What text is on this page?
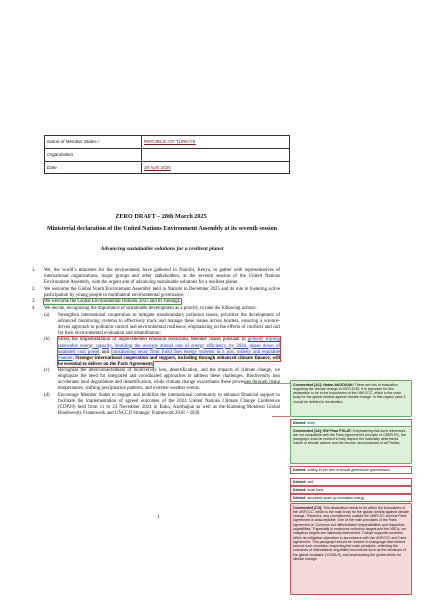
Name of Member States /	REPUBLIC OF TÜRKİYE
Organization	
Date	29 April 2025
ZERO DRAFT – 28th March 2025
Ministerial declaration of the United Nations Environment Assembly at its seventh session
Advancing sustainable solutions for a resilient planet
1. We, the world’s ministers for the environment, have gathered in Nairobi, Kenya, to gather with representatives of international organizations, major groups and other stakeholders, at the seventh session of the United Nations Environment Assembly, with the urgent aim of advancing sustainable solutions for a resilient planet.
2. We welcome the Global Youth Environment Assembly held in Nairobi in December 2025 and its role in fostering active participation by young people in multilateral environmental governance.
3. We welcome the Global Environmental Outlook 2025 and its findings.
4. We decide, recognizing the importance of sustainable development as a priority, to take the following actions:
(a) Strengthen international cooperation to mitigate transboundary pollution issues, prioritize the development of advanced monitoring systems to effectively track and manage these issues across borders, ensuring a science-driven approach to pollution control and environmental resilience, emphasizing on the effects of conflicts and call for their environmental evaluation and rehabilitation;
(b) Stress the implementation of unprecedented emission reductions Member States pursuant to globally tripling renewable energy capacity, doubling the average annual rate of energy efficiency, by 2030, phase down of unabated coal power and transitioning away from fossil fuel energy systems in a just, orderly and equitable manner. Stronger international cooperation and support, including through enhanced climate finance, will be essential to deliver on the Paris Agreement;
(c) Recognize the interconnectedness of biodiversity loss, desertification, and the impacts of climate change, we emphasize the need for integrated and coordinated approaches to address these challenges. Biodiversity loss accelerates land degradation and desertification, while climate change exacerbates these processes through rising temperatures, shifting precipitation patterns, and extreme weather events.
(d) Encourage Member States to engage and mobilize the international community to enhance financial support to facilitate the implementation of agreed outcomes of the 2024 United Nations Climate Change Conference (COP29) held from 11 to 24 November 2024 in Baku, Azerbaijan as well as the Kunming-Montreal Global Biodiversity Framework and UNCCD Strategic Framework 2018 – 2030.
1
Commented [A1]: Hakan AKDOGAN: These are lots of evaluation regarding the climate change in GEO 2025. It is important for this declaration to be in the boundaries of the UNFCCC, which is the main body for the global combat against climate change. In this regard, para 3 should be deleted in declaration.
Deleted: most
Commented [A2]: Elif Pinar POLAT: Emphasizing that such references are not compatible with the Paris Agreement’s principle of CBDR-RC, the paragraph must be revised to fully respect the nationally determined nature of climate actions and the diverse circumstances of all Parties.
Deleted: cutting 43 per cent of annual greenhouse gas emission…
Deleted: well
Deleted: fossil fuels
Deleted: absolutely-scale up renewable energy
Commented [C3]: This declaration needs to be within the boundaries of the UNFCCC, which is the main body for the global combat against climate change. Therefore, any commitments outside the UNFCCC and the Paris Agreement is unacceptable. One of the main principles of the Paris Agreement is “Common but differentiated responsibilities and respective capabilities.” Especially in emissions reduction targets and the NDCs, our mitigation targets are nationally determined. Türkiye supports countries within its mitigation objectives in accordance with the UNFCCC and Paris Agreement. This paragraph should be revised in a language that centres around such countries, respecting the main principles, reflecting the outcomes of international negotiated documents such as the decisions of the global stocktake (1/CMA.5), and emphasizing the global efforts for climate change.
